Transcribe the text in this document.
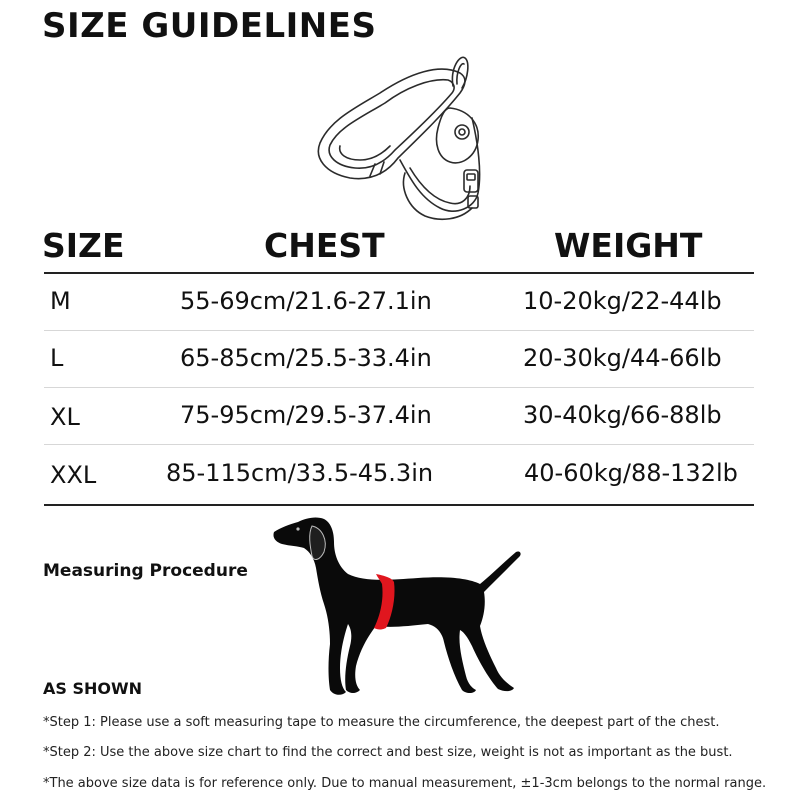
SIZE GUIDELINES
SIZE	CHEST	WEIGHT
M	55-69cm/21.6-27.1in	10-20kg/22-44lb
L	65-85cm/25.5-33.4in	20-30kg/44-66lb
XL	75-95cm/29.5-37.4in	30-40kg/66-88lb
XXL	85-115cm/33.5-45.3in	40-60kg/88-132lb
Measuring Procedure
AS SHOWN
*Step 1: Please use a soft measuring tape to measure the circumference, the deepest part of the chest.
*Step 2: Use the above size chart to find the correct and best size, weight is not as important as the bust.
*The above size data is for reference only. Due to manual measurement, ±1-3cm belongs to the normal range.
